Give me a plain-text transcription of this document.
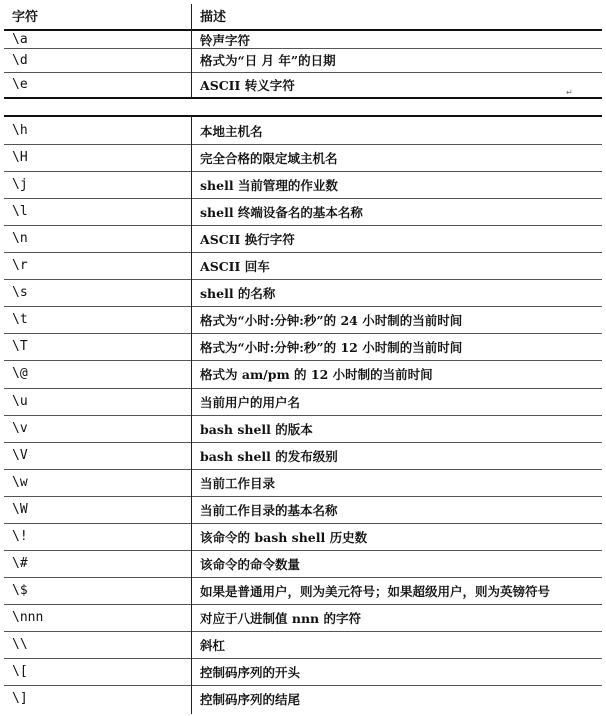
字符	描述
\a	铃声字符
\d	格式为“日 月 年”的日期
\e	ASCII 转义字符
\h	本地主机名
\H	完全合格的限定域主机名
\j	shell 当前管理的作业数
\l	shell 终端设备名的基本名称
\n	ASCII 换行字符
\r	ASCII 回车
\s	shell 的名称
\t	格式为“小时:分钟:秒”的 24 小时制的当前时间
\T	格式为“小时:分钟:秒”的 12 小时制的当前时间
\@	格式为 am/pm 的 12 小时制的当前时间
\u	当前用户的用户名
\v	bash shell 的版本
\V	bash shell 的发布级别
\w	当前工作目录
\W	当前工作目录的基本名称
\!	该命令的 bash shell 历史数
\#	该命令的命令数量
\$	如果是普通用户，则为美元符号；如果超级用户，则为英镑符号
\nnn	对应于八进制值 nnn 的字符
\\	斜杠
\[	控制码序列的开头
\]	控制码序列的结尾
↵
